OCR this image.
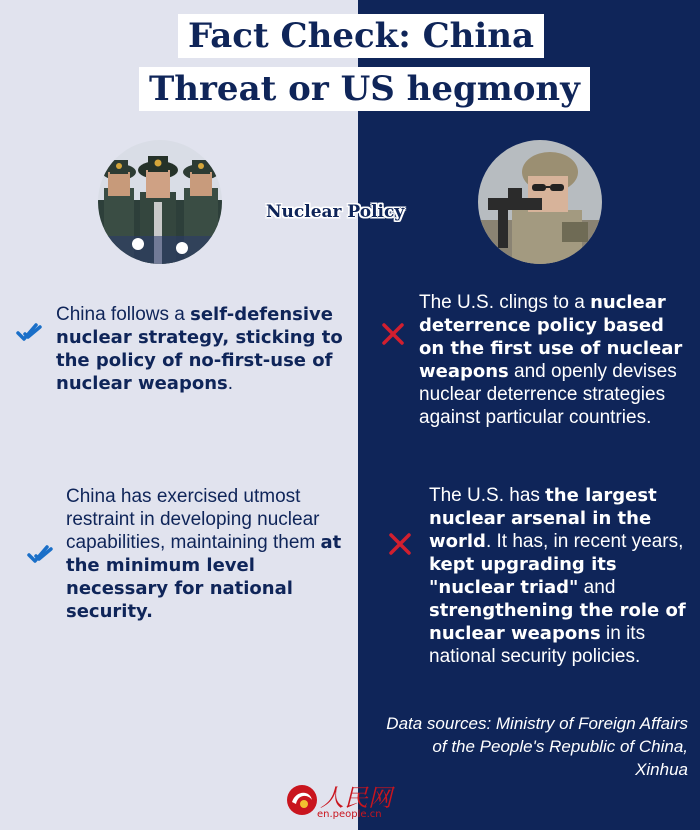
Fact Check: China
Threat or US hegmony
Nuclear Policy
China follows a self-defensive nuclear strategy, sticking to the policy of no-first-use of nuclear weapons.
China has exercised utmost restraint in developing nuclear capabilities, maintaining them at the minimum level necessary for national security.
The U.S. clings to a nuclear deterrence policy based on the first use of nuclear weapons and openly devises nuclear deterrence strategies against particular countries.
The U.S. has the largest nuclear arsenal in the world. It has, in recent years, kept upgrading its "nuclear triad" and strengthening the role of nuclear weapons in its national security policies.
Data sources: Ministry of Foreign Affairs
of the People's Republic of China,
Xinhua
人民网
en.people.cn
